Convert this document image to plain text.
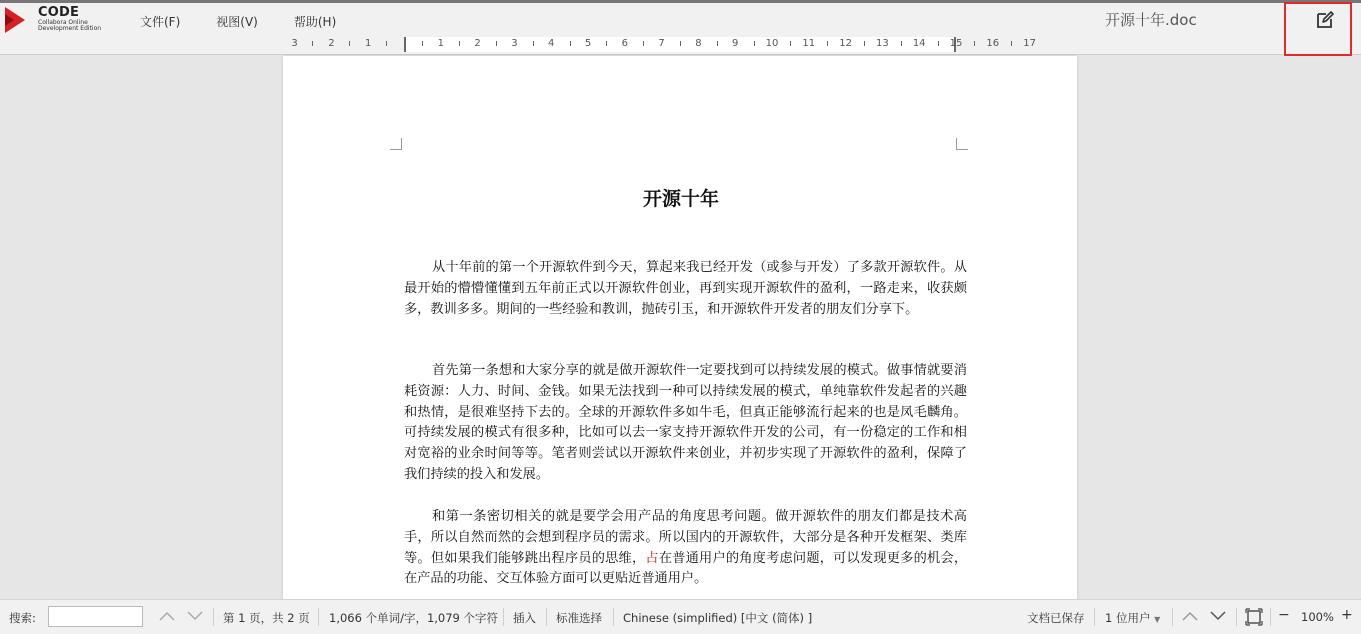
CODE
Collabora Online
Development Edition	文件(F)	视图(V)	帮助(H)	开源十年.doc
3	2	1	1	2	3	4	5	6	7	8	9	10 11 12 13 14 15 16 17
开源十年
从十年前的第一个开源软件到今天，算起来我已经开发（或参与开发）了多款开源软件。从最开始的懵懵懂懂到五年前正式以开源软件创业，再到实现开源软件的盈利，一路走来，收获颇多，教训多多。期间的一些经验和教训，抛砖引玉，和开源软件开发者的朋友们分享下。
首先第一条想和大家分享的就是做开源软件一定要找到可以持续发展的模式。做事情就要消耗资源：人力、时间、金钱。如果无法找到一种可以持续发展的模式，单纯靠软件发起者的兴趣和热情，是很难坚持下去的。全球的开源软件多如牛毛，但真正能够流行起来的也是凤毛麟角。可持续发展的模式有很多种，比如可以去一家支持开源软件开发的公司，有一份稳定的工作和相对宽裕的业余时间等等。笔者则尝试以开源软件来创业，并初步实现了开源软件的盈利，保障了我们持续的投入和发展。
和第一条密切相关的就是要学会用产品的角度思考问题。做开源软件的朋友们都是技术高手，所以自然而然的会想到程序员的需求。所以国内的开源软件，大部分是各种开发框架、类库等。但如果我们能够跳出程序员的思维，占在普通用户的角度考虑问题，可以发现更多的机会，在产品的功能、交互体验方面可以更贴近普通用户。
搜索:	第 1 页，共 2 页 1,066 个单词/字，1,079 个字符 插入 标准选择 Chinese (simplified) [中文 (简体) ]	文档已保存 1 位用户 ▼	− 100% +
